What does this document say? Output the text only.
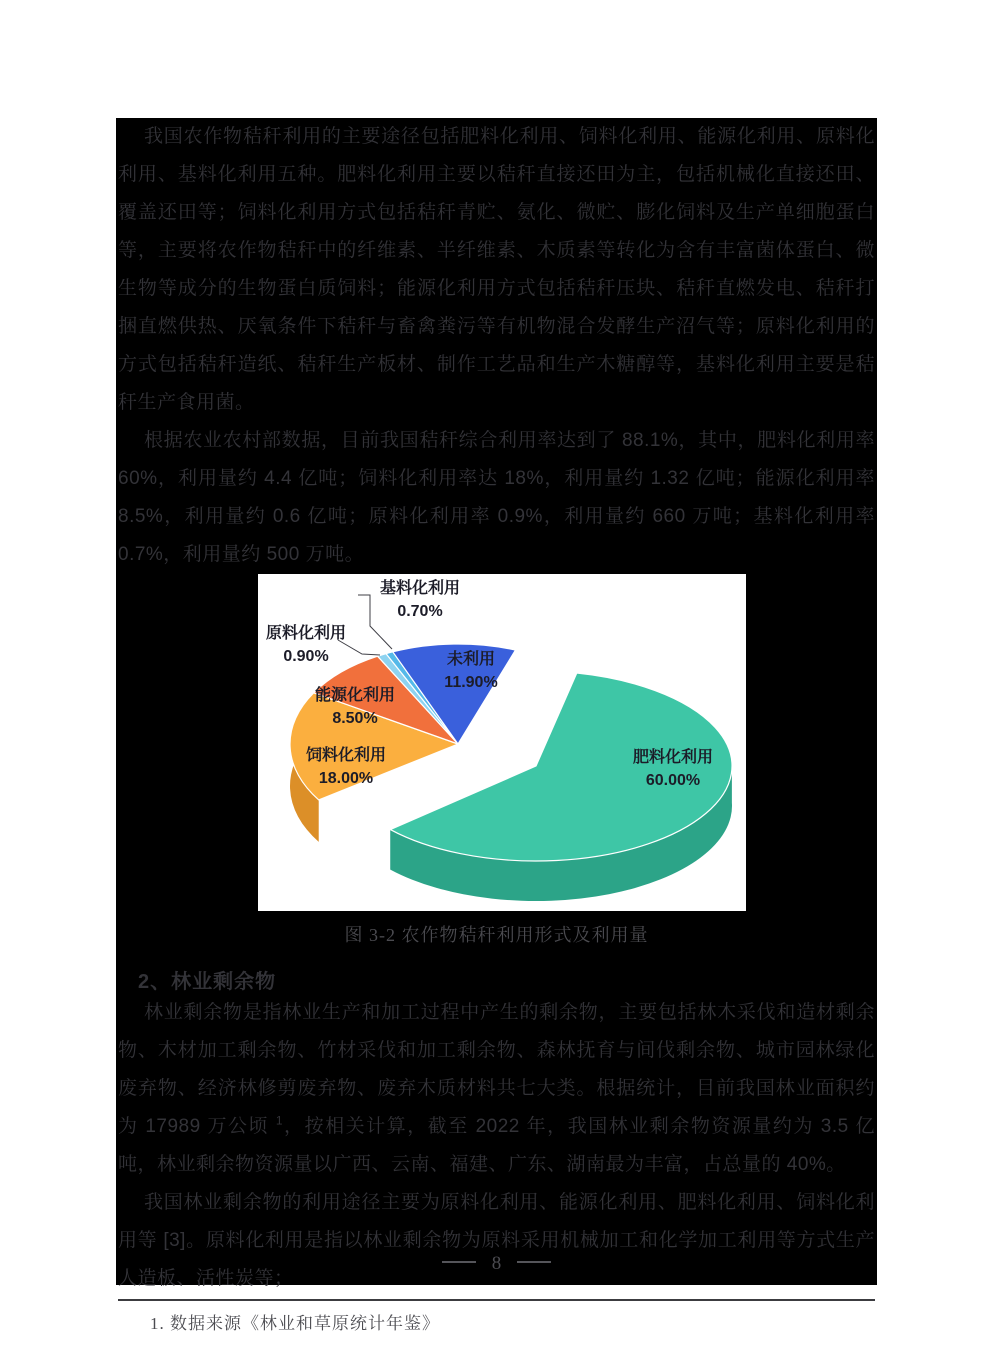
我国农作物秸秆利用的主要途径包括肥料化利用、饲料化利用、能源化利用、原料化利用、基料化利用五种。肥料化利用主要以秸秆直接还田为主，包括机械化直接还田、覆盖还田等；饲料化利用方式包括秸秆青贮、氨化、微贮、膨化饲料及生产单细胞蛋白等，主要将农作物秸秆中的纤维素、半纤维素、木质素等转化为含有丰富菌体蛋白、微生物等成分的生物蛋白质饲料；能源化利用方式包括秸秆压块、秸秆直燃发电、秸秆打捆直燃供热、厌氧条件下秸秆与畜禽粪污等有机物混合发酵生产沼气等；原料化利用的方式包括秸秆造纸、秸秆生产板材、制作工艺品和生产木糖醇等，基料化利用主要是秸秆生产食用菌。

根据农业农村部数据，目前我国秸秆综合利用率达到了 88.1%，其中，肥料化利用率 60%，利用量约 4.4 亿吨；饲料化利用率达 18%，利用量约 1.32 亿吨；能源化利用率 8.5%，利用量约 0.6 亿吨；原料化利用率 0.9%，利用量约 660 万吨；基料化利用率 0.7%，利用量约 500 万吨。

肥料化利用 60.00%
饲料化利用 18.00%
能源化利用 8.50%
原料化利用 0.90%
基料化利用 0.70%
未利用 11.90%
图 3-2 农作物秸秆利用形式及利用量
2、林业剩余物

林业剩余物是指林业生产和加工过程中产生的剩余物，主要包括林木采伐和造材剩余物、木材加工剩余物、竹材采伐和加工剩余物、森林抚育与间伐剩余物、城市园林绿化废弃物、经济林修剪废弃物、废弃木质材料共七大类。根据统计，目前我国林业面积约为 17989 万公顷 $^1$，按相关计算，截至 2022 年，我国林业剩余物资源量约为 3.5 亿吨，林业剩余物资源量以广西、云南、福建、广东、湖南最为丰富，占总量的 40%。

我国林业剩余物的利用途径主要为原料化利用、能源化利用、肥料化利用、饲料化利用等 [3]。原料化利用是指以林业剩余物为原料采用机械加工和化学加工利用等方式生产人造板、活性炭等；

1. 数据来源《林业和草原统计年鉴》
8
